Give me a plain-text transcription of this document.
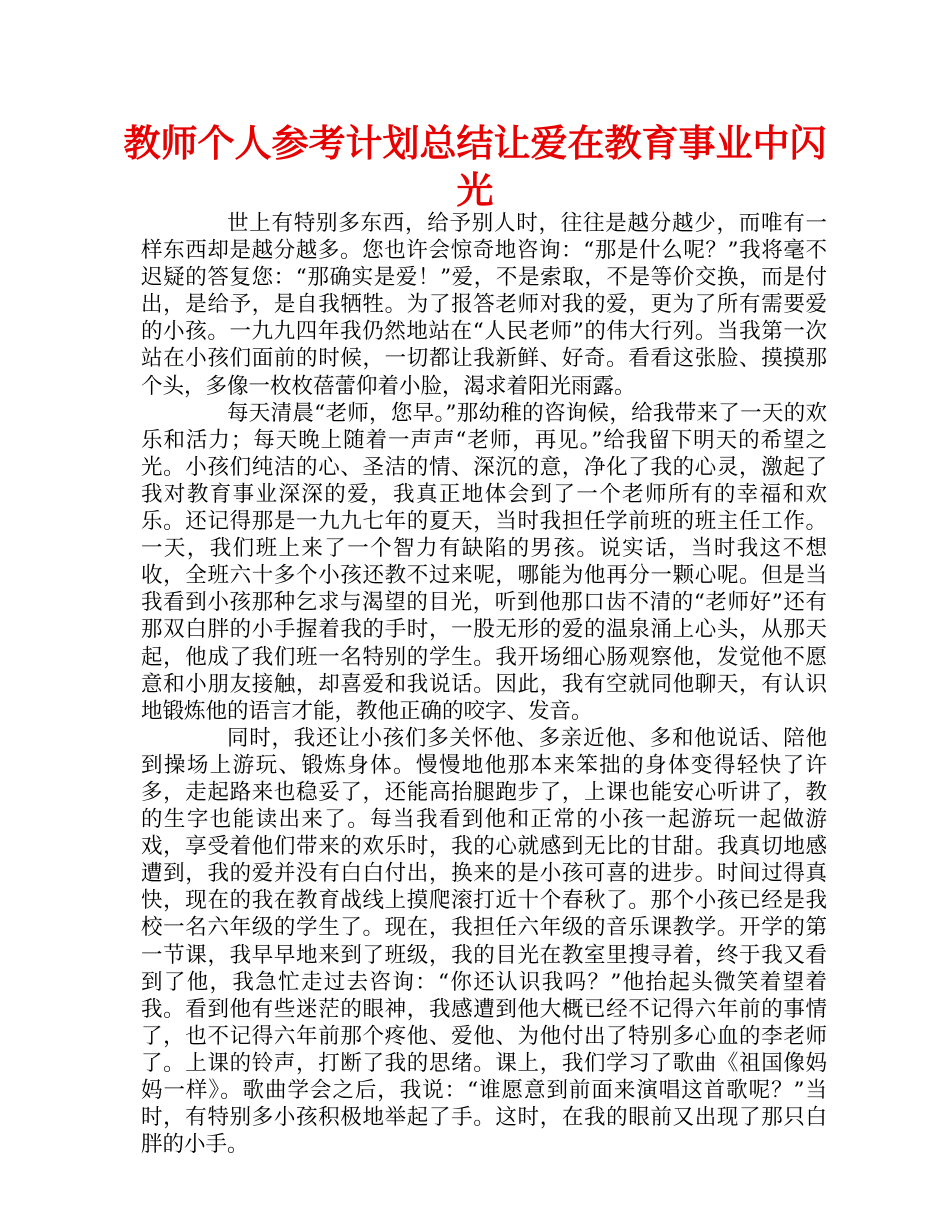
教师个人参考计划总结让爱在教育事业中闪光

世上有特别多东西，给予别人时，往往是越分越少，而唯有一样东西却是越分越多。您也许会惊奇地咨询：“那是什么呢？”我将毫不迟疑的答复您：“那确实是爱！”爱，不是索取，不是等价交换，而是付出，是给予，是自我牺牲。为了报答老师对我的爱，更为了所有需要爱的小孩。一九九四年我仍然地站在“人民老师”的伟大行列。当我第一次站在小孩们面前的时候，一切都让我新鲜、好奇。看看这张脸、摸摸那个头，多像一枚枚蓓蕾仰着小脸，渴求着阳光雨露。

每天清晨“老师，您早。”那幼稚的咨询候，给我带来了一天的欢乐和活力；每天晚上随着一声声“老师，再见。”给我留下明天的希望之光。小孩们纯洁的心、圣洁的情、深沉的意，净化了我的心灵，激起了我对教育事业深深的爱，我真正地体会到了一个老师所有的幸福和欢乐。还记得那是一九九七年的夏天，当时我担任学前班的班主任工作。一天，我们班上来了一个智力有缺陷的男孩。说实话，当时我这不想收，全班六十多个小孩还教不过来呢，哪能为他再分一颗心呢。但是当我看到小孩那种乞求与渴望的目光，听到他那口齿不清的“老师好”还有那双白胖的小手握着我的手时，一股无形的爱的温泉涌上心头，从那天起，他成了我们班一名特别的学生。我开场细心肠观察他，发觉他不愿意和小朋友接触，却喜爱和我说话。因此，我有空就同他聊天，有认识地锻炼他的语言才能，教他正确的咬字、发音。

同时，我还让小孩们多关怀他、多亲近他、多和他说话、陪他到操场上游玩、锻炼身体。慢慢地他那本来笨拙的身体变得轻快了许多，走起路来也稳妥了，还能高抬腿跑步了，上课也能安心听讲了，教的生字也能读出来了。每当我看到他和正常的小孩一起游玩一起做游戏，享受着他们带来的欢乐时，我的心就感到无比的甘甜。我真切地感遭到，我的爱并没有白白付出，换来的是小孩可喜的进步。时间过得真快，现在的我在教育战线上摸爬滚打近十个春秋了。那个小孩已经是我校一名六年级的学生了。现在，我担任六年级的音乐课教学。开学的第一节课，我早早地来到了班级，我的目光在教室里搜寻着，终于我又看到了他，我急忙走过去咨询：“你还认识我吗？”他抬起头微笑着望着我。看到他有些迷茫的眼神，我感遭到他大概已经不记得六年前的事情了，也不记得六年前那个疼他、爱他、为他付出了特别多心血的李老师了。上课的铃声，打断了我的思绪。课上，我们学习了歌曲《祖国像妈妈一样》。歌曲学会之后，我说：“谁愿意到前面来演唱这首歌呢？”当时，有特别多小孩积极地举起了手。这时，在我的眼前又出现了那只白胖的小手。
